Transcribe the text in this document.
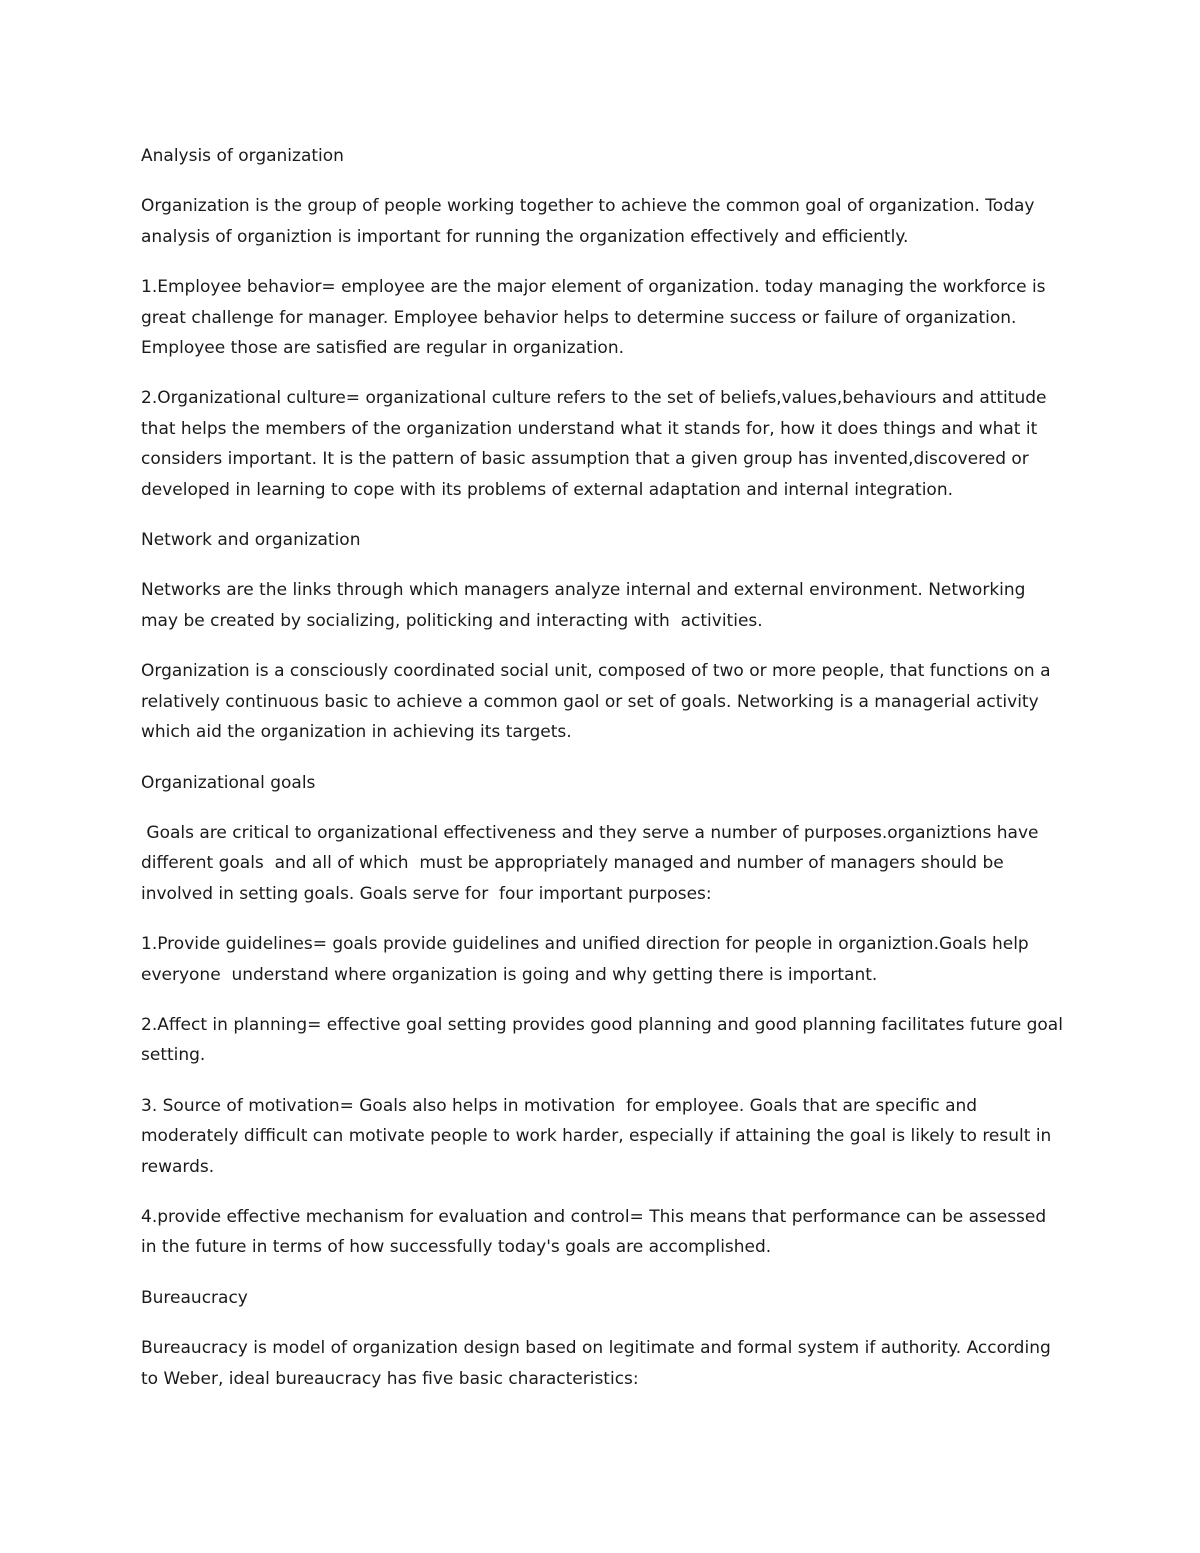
Analysis of organization

Organization is the group of people working together to achieve the common goal of organization. Today analysis of organiztion is important for running the organization effectively and efficiently.

1.Employee behavior= employee are the major element of organization. today managing the workforce is great challenge for manager. Employee behavior helps to determine success or failure of organization. Employee those are satisfied are regular in organization.

2.Organizational culture= organizational culture refers to the set of beliefs,values,behaviours and attitude that helps the members of the organization understand what it stands for, how it does things and what it considers important. It is the pattern of basic assumption that a given group has invented,discovered or developed in learning to cope with its problems of external adaptation and internal integration.

Network and organization

Networks are the links through which managers analyze internal and external environment. Networking may be created by socializing, politicking and interacting with  activities.

Organization is a consciously coordinated social unit, composed of two or more people, that functions on a relatively continuous basic to achieve a common gaol or set of goals. Networking is a managerial activity which aid the organization in achieving its targets.

Organizational goals

Goals are critical to organizational effectiveness and they serve a number of purposes.organiztions have different goals  and all of which  must be appropriately managed and number of managers should be involved in setting goals. Goals serve for  four important purposes:

1.Provide guidelines= goals provide guidelines and unified direction for people in organiztion.Goals help everyone  understand where organization is going and why getting there is important.

2.Affect in planning= effective goal setting provides good planning and good planning facilitates future goal setting.

3. Source of motivation= Goals also helps in motivation  for employee. Goals that are specific and moderately difficult can motivate people to work harder, especially if attaining the goal is likely to result in rewards.

4.provide effective mechanism for evaluation and control= This means that performance can be assessed in the future in terms of how successfully today's goals are accomplished.

Bureaucracy

Bureaucracy is model of organization design based on legitimate and formal system if authority. According to Weber, ideal bureaucracy has five basic characteristics:
